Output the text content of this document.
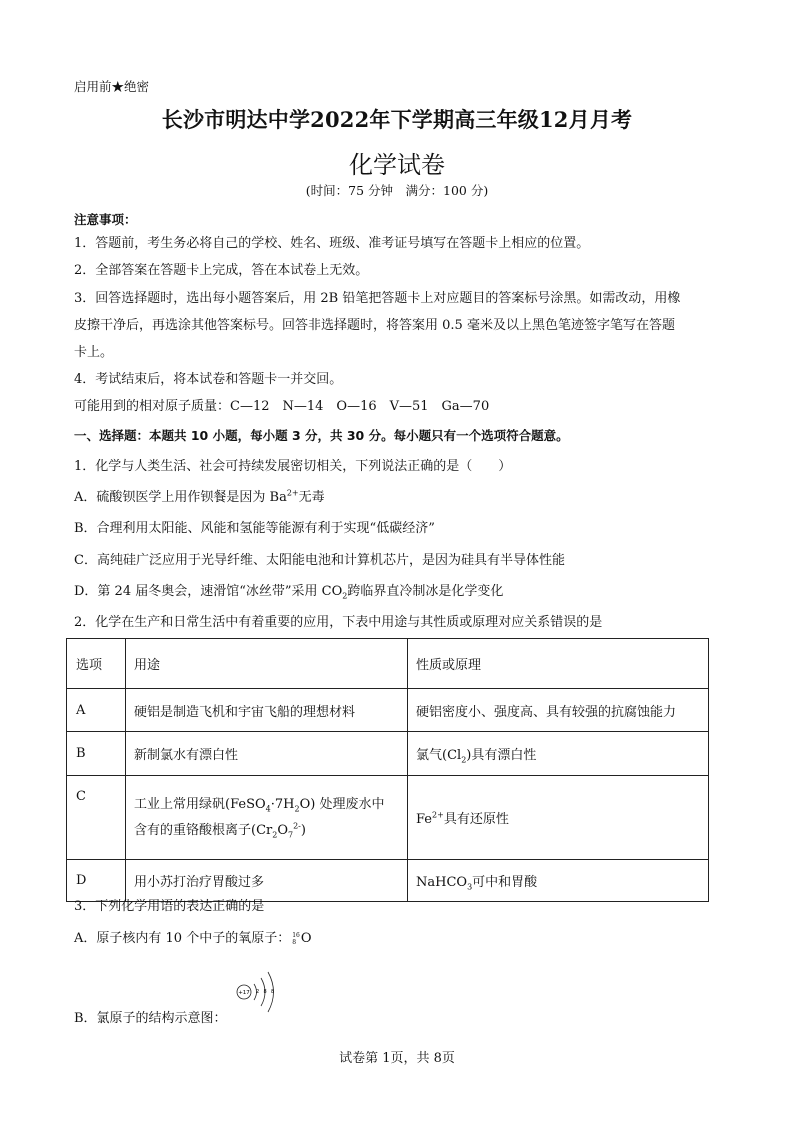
启用前★绝密
长沙市明达中学2022年下学期高三年级12月月考
化学试卷
(时间：75 分钟　满分：100 分)
注意事项：
1．答题前，考生务必将自己的学校、姓名、班级、准考证号填写在答题卡上相应的位置。
2．全部答案在答题卡上完成，答在本试卷上无效。
3．回答选择题时，选出每小题答案后，用 2B 铅笔把答题卡上对应题目的答案标号涂黑。如需改动，用橡
皮擦干净后，再选涂其他答案标号。回答非选择题时，将答案用 0.5 毫米及以上黑色笔迹签字笔写在答题
卡上。
4．考试结束后，将本试卷和答题卡一并交回。
可能用到的相对原子质量：C—12　N—14　O—16　V—51　Ga—70
一、选择题：本题共 10 小题，每小题 3 分，共 30 分。每小题只有一个选项符合题意。
1．化学与人类生活、社会可持续发展密切相关，下列说法正确的是（　　）
A．硫酸钡医学上用作钡餐是因为 $Ba^{2+}$无毒
B．合理利用太阳能、风能和氢能等能源有利于实现“低碳经济”
C．高纯硅广泛应用于光导纤维、太阳能电池和计算机芯片，是因为硅具有半导体性能
D．第 24 届冬奥会，速滑馆“冰丝带”采用 $CO_2$跨临界直冷制冰是化学变化
2．化学在生产和日常生活中有着重要的应用，下表中用途与其性质或原理对应关系错误的是
选项	用途	性质或原理
A	硬铝是制造飞机和宇宙飞船的理想材料	硬铝密度小、强度高、具有较强的抗腐蚀能力
B	新制氯水有漂白性	氯气$(Cl_2)$具有漂白性
C	工业上常用绿矾$(FeSO_4\cdot 7H_2O)$ 处理废水中
含有的重铬酸根离子$(Cr_2O_7^{2-})$	$Fe^{2+}$具有还原性
D	用小苏打治疗胃酸过多	NaHCO$_3$可中和胃酸
3．下列化学用语的表达正确的是
A．原子核内有 10 个中子的氧原子： 16
8 O
+17 2 8 8
B．氯原子的结构示意图：
试卷第 1页，共 8页
